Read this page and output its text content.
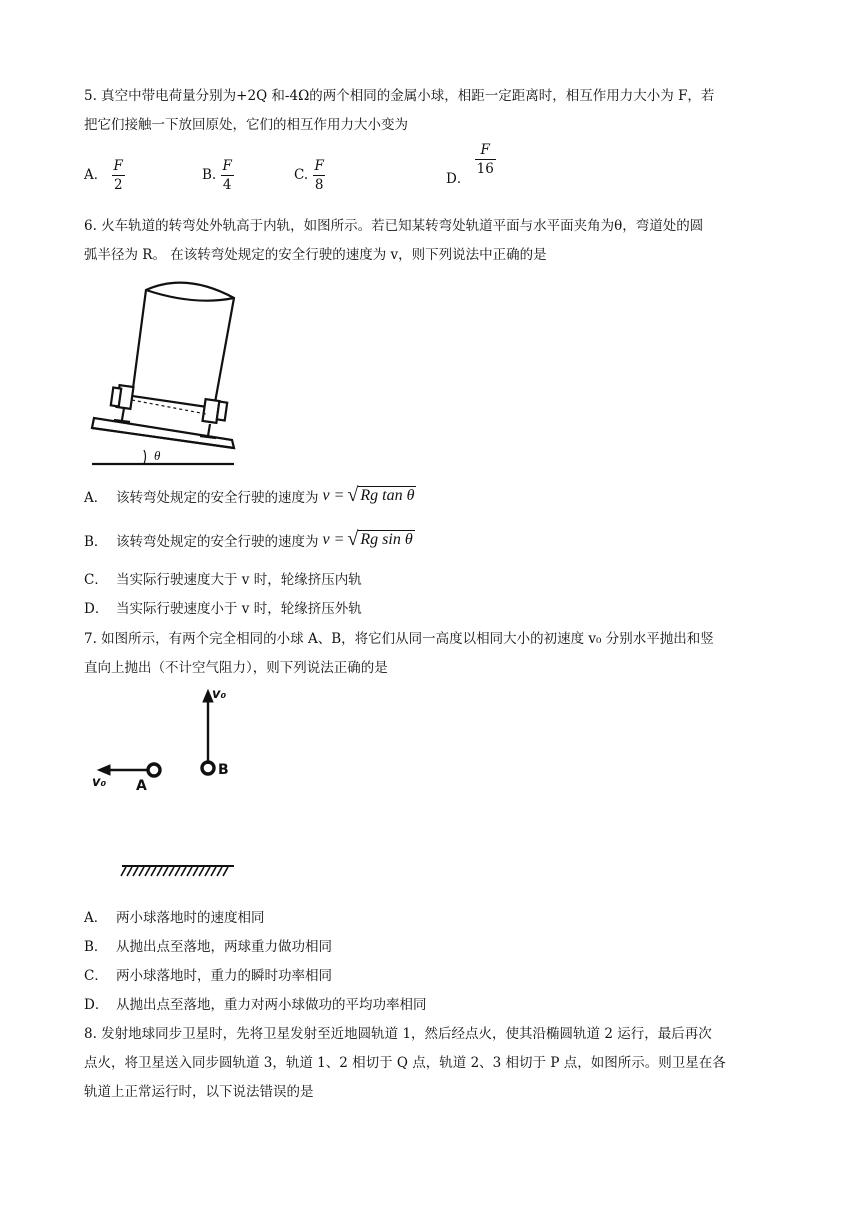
5. 真空中带电荷量分别为+2Q 和-4Ω的两个相同的金属小球，相距一定距离时，相互作用力大小为 F，若
把它们接触一下放回原处，它们的相互作用力大小变为
A． $\frac{F}{2}$	B. $\frac{F}{4}$	C. $\frac{F}{8}$	D．
$\frac{F}{16}$
6. 火车轨道的转弯处外轨高于内轨，如图所示。若已知某转弯处轨道平面与水平面夹角为θ，弯道处的圆
弧半径为 R。 在该转弯处规定的安全行驶的速度为 v，则下列说法中正确的是
θ
A． 该转弯处规定的安全行驶的速度为 v = √ Rg tan θ
B． 该转弯处规定的安全行驶的速度为 v = √ Rg sin θ
C． 当实际行驶速度大于 v 时，轮缘挤压内轨
D． 当实际行驶速度小于 v 时，轮缘挤压外轨
7. 如图所示，有两个完全相同的小球 A、B，将它们从同一高度以相同大小的初速度 v₀ 分别水平抛出和竖
直向上抛出（不计空气阻力），则下列说法正确的是
v₀
v₀ A
B
A． 两小球落地时的速度相同
B． 从抛出点至落地，两球重力做功相同
C． 两小球落地时，重力的瞬时功率相同
D． 从抛出点至落地，重力对两小球做功的平均功率相同
8. 发射地球同步卫星时，先将卫星发射至近地圆轨道 1，然后经点火，使其沿椭圆轨道 2 运行，最后再次
点火，将卫星送入同步圆轨道 3，轨道 1、2 相切于 Q 点，轨道 2、3 相切于 P 点，如图所示。则卫星在各
轨道上正常运行时，以下说法错误的是
